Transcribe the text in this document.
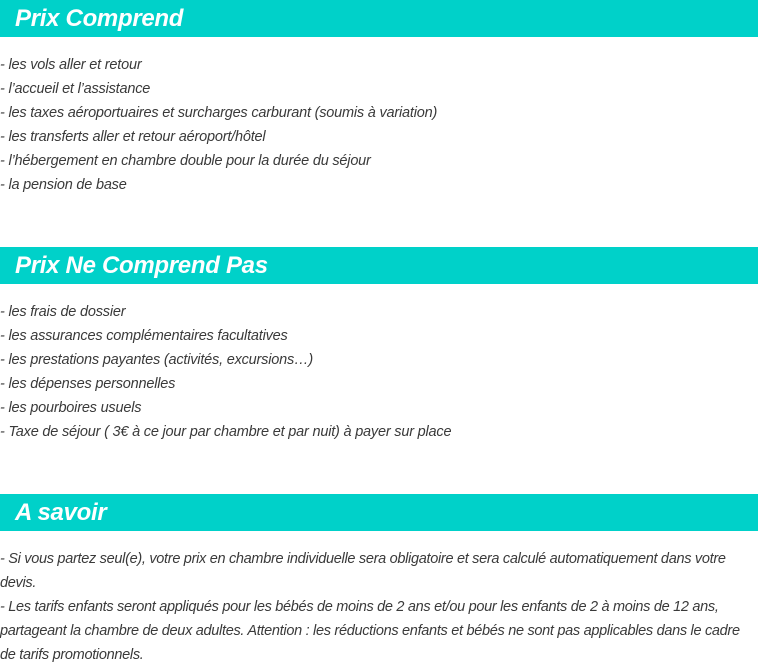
Prix Comprend
- les vols aller et retour
- l’accueil et l’assistance
- les taxes aéroportuaires et surcharges carburant (soumis à variation)
- les transferts aller et retour aéroport/hôtel
- l’hébergement en chambre double pour la durée du séjour
- la pension de base
Prix Ne Comprend Pas
- les frais de dossier
- les assurances complémentaires facultatives
- les prestations payantes (activités, excursions…)
- les dépenses personnelles
- les pourboires usuels
- Taxe de séjour ( 3€ à ce jour par chambre et par nuit) à payer sur place
A savoir
- Si vous partez seul(e), votre prix en chambre individuelle sera obligatoire et sera calculé automatiquement dans votre devis.
- Les tarifs enfants seront appliqués pour les bébés de moins de 2 ans et/ou pour les enfants de 2 à moins de 12 ans, partageant la chambre de deux adultes. Attention : les réductions enfants et bébés ne sont pas applicables dans le cadre de tarifs promotionnels.
